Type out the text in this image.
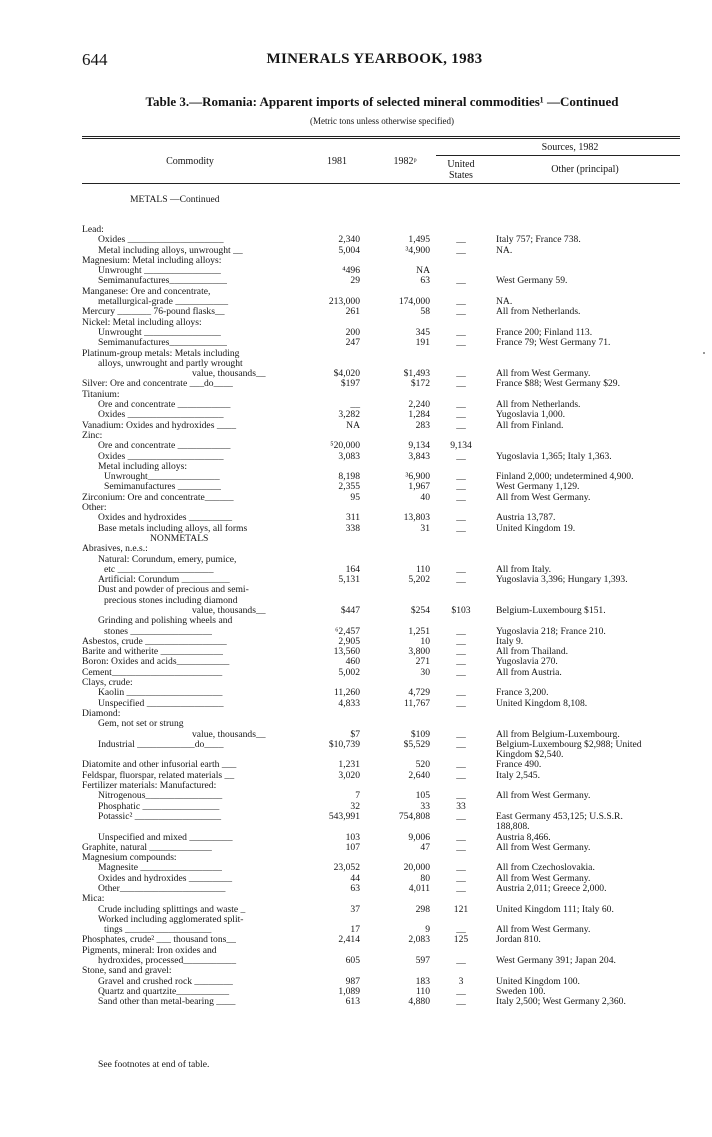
644	MINERALS YEARBOOK, 1983
Table 3.—Romania: Apparent imports of selected mineral commodities¹ —Continued
(Metric tons unless otherwise specified)
Commodity	1981	1982ᵖ
Sources, 1982
United States
Other (principal)
METALS —Continued
Lead:
Oxides ____________________	2,340	1,495	__	Italy 757; France 738.
Metal including alloys, unwrought __	5,004	³4,900	__	NA.
Magnesium: Metal including alloys:
Unwrought ________________	⁴496	NA
Semimanufactures____________	29	63	__	West Germany 59.
Manganese: Ore and concentrate,
metallurgical-grade ___________	213,000	174,000	__	NA.
Mercury _______ 76-pound flasks__	261	58	__	All from Netherlands.
Nickel: Metal including alloys:
Unwrought ________________	200	345	__	France 200; Finland 113.
Semimanufactures____________	247	191	__	France 79; West Germany 71.
Platinum-group metals: Metals including
alloys, unwrought and partly wrought
value, thousands__	$4,020	$1,493	__	All from West Germany.
Silver: Ore and concentrate ___do____	$197	$172	__	France $88; West Germany $29.
Titanium:
Ore and concentrate ___________	__	2,240	__	All from Netherlands.
Oxides ____________________	3,282	1,284	__	Yugoslavia 1,000.
Vanadium: Oxides and hydroxides ____	NA	283	__	All from Finland.
Zinc:
Ore and concentrate ___________	⁵20,000	9,134	9,134
Oxides ____________________	3,083	3,843	__	Yugoslavia 1,365; Italy 1,363.
Metal including alloys:
Unwrought_______________	8,198	³6,900	__	Finland 2,000; undetermined 4,900.
Semimanufactures _________	2,355	1,967	__	West Germany 1,129.
Zirconium: Ore and concentrate______	95	40	__	All from West Germany.
Other:
Oxides and hydroxides _________	311	13,803	__	Austria 13,787.
Base metals including alloys, all forms	338	31	__	United Kingdom 19.
NONMETALS
Abrasives, n.e.s.:
Natural: Corundum, emery, pumice,
etc ____________________	164	110	__	All from Italy.
Artificial: Corundum __________	5,131	5,202	__	Yugoslavia 3,396; Hungary 1,393.
Dust and powder of precious and semi-
precious stones including diamond
value, thousands__	$447	$254	$103	Belgium-Luxembourg $151.
Grinding and polishing wheels and
stones _________________	⁶2,457	1,251	__	Yugoslavia 218; France 210.
Asbestos, crude _________________	2,905	10	__	Italy 9.
Barite and witherite _____________	13,560	3,800	__	All from Thailand.
Boron: Oxides and acids___________	460	271	__	Yugoslavia 270.
Cement_______________________	5,002	30	__	All from Austria.
Clays, crude:
Kaolin ____________________	11,260	4,729	__	France 3,200.
Unspecified ________________	4,833	11,767	__	United Kingdom 8,108.
Diamond:
Gem, not set or strung
value, thousands__	$7	$109	__	All from Belgium-Luxembourg.
Industrial ____________do____	$10,739	$5,529	__	Belgium-Luxembourg $2,988; United
Kingdom $2,540.
Diatomite and other infusorial earth ___	1,231	520	__	France 490.
Feldspar, fluorspar, related materials __	3,020	2,640	__	Italy 2,545.
Fertilizer materials: Manufactured:
Nitrogenous________________	7	105	__	All from West Germany.
Phosphatic ________________	32	33	33
Potassic² __________________	543,991	754,808	__	East Germany 453,125; U.S.S.R.
188,808.
Unspecified and mixed _________	103	9,006	__	Austria 8,466.
Graphite, natural _____________	107	47	__	All from West Germany.
Magnesium compounds:
Magnesite _________________	23,052	20,000	__	All from Czechoslovakia.
Oxides and hydroxides _________	44	80	__	All from West Germany.
Other______________________	63	4,011	__	Austria 2,011; Greece 2,000.
Mica:
Crude including splittings and waste _	37	298	121	United Kingdom 111; Italy 60.
Worked including agglomerated split-
tings __________________	17	9	__	All from West Germany.
Phosphates, crude² ___ thousand tons__	2,414	2,083	125	Jordan 810.
Pigments, mineral: Iron oxides and
hydroxides, processed___________	605	597	__	West Germany 391; Japan 204.
Stone, sand and gravel:
Gravel and crushed rock ________	987	183	3	United Kingdom 100.
Quartz and quartzite___________	1,089	110	__	Sweden 100.
Sand other than metal-bearing ____	613	4,880	__	Italy 2,500; West Germany 2,360.
See footnotes at end of table.
